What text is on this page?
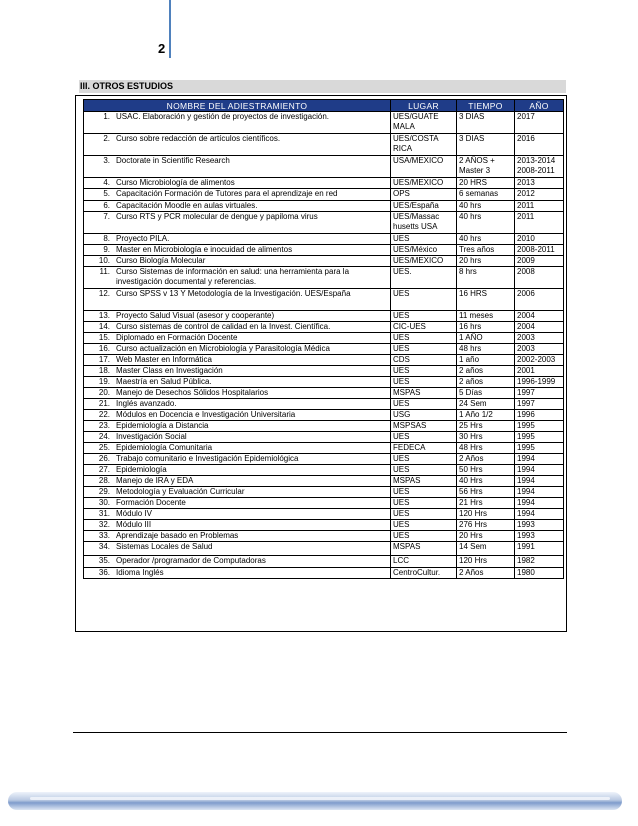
2
III. OTROS ESTUDIOS
NOMBRE DEL ADIESTRAMIENTO	LUGAR	TIEMPO	AÑO

1. USAC. Elaboración y gestión de proyectos de investigación.	UES/GUATE MALA	3 DIAS	2017

2. Curso sobre redacción de artículos científicos.	UES/COSTA RICA	3 DIAS	2016

3. Doctorate in Scientific Research	USA/MEXICO	2 AÑOS + Master 3	2013-2014 2008-2011

4. Curso Microbiología de alimentos	UES/MEXICO	20 HRS	2013

5. Capacitación Formación de Tutores para el aprendizaje en red	OPS	6 semanas	2012

6. Capacitación Moodle en aulas virtuales.	UES/España	40 hrs	2011

7. Curso RTS y PCR molecular de dengue y papiloma virus	UES/Massac husetts USA	40 hrs	2011

8. Proyecto PILA.	UES	40 hrs	2010

9. Master en Microbiología e inocuidad de alimentos	UES/México	Tres años	2008-2011

10. Curso Biología Molecular	UES/MEXICO	20 hrs	2009

11. Curso Sistemas de información en salud: una herramienta para la investigación documental y referencias.	UES.	8 hrs	2008

12. Curso SPSS v 13 Y Metodología de la Investigación. UES/España	UES	16 HRS	2006

13. Proyecto Salud Visual (asesor y cooperante)	UES	11 meses	2004

14. Curso sistemas de control de calidad en la Invest. Científica.	CIC-UES	16 hrs	2004

15. Diplomado en Formación Docente	UES	1 AÑO	2003

16. Curso actualización en Microbiología y Parasitología Médica	UES	48 hrs	2003

17. Web Master en Informática	CDS	1 año	2002-2003

18. Master Class en Investigación	UES	2 años	2001

19. Maestría en Salud Pública.	UES	2 años	1996-1999

20. Manejo de Desechos Sólidos Hospitalarios	MSPAS	5 Días	1997

21. Inglés avanzado.	UES	24 Sem	1997

22. Módulos en Docencia e Investigación Universitaria	USG	1 Año 1/2	1996

23. Epidemiología a Distancia	MSPSAS	25 Hrs	1995

24. Investigación Social	UES	30 Hrs	1995

25. Epidemiología Comunitaria	FEDECA	48 Hrs	1995

26. Trabajo comunitario e Investigación Epidemiológica	UES	2 Años	1994

27. Epidemiología	UES	50 Hrs	1994

28. Manejo de IRA y EDA	MSPAS	40 Hrs	1994

29. Metodología y Evaluación Curricular	UES	56 Hrs	1994

30. Formación Docente	UES	21 Hrs	1994

31. Módulo IV	UES	120 Hrs	1994

32. Módulo III	UES	276 Hrs	1993

33. Aprendizaje basado en Problemas	UES	20 Hrs	1993

34. Sistemas Locales de Salud	MSPAS	14 Sem	1991

35. Operador /programador de Computadoras	LCC	120 Hrs	1982

36. Idioma Inglés	CentroCultur.	2 Años	1980
